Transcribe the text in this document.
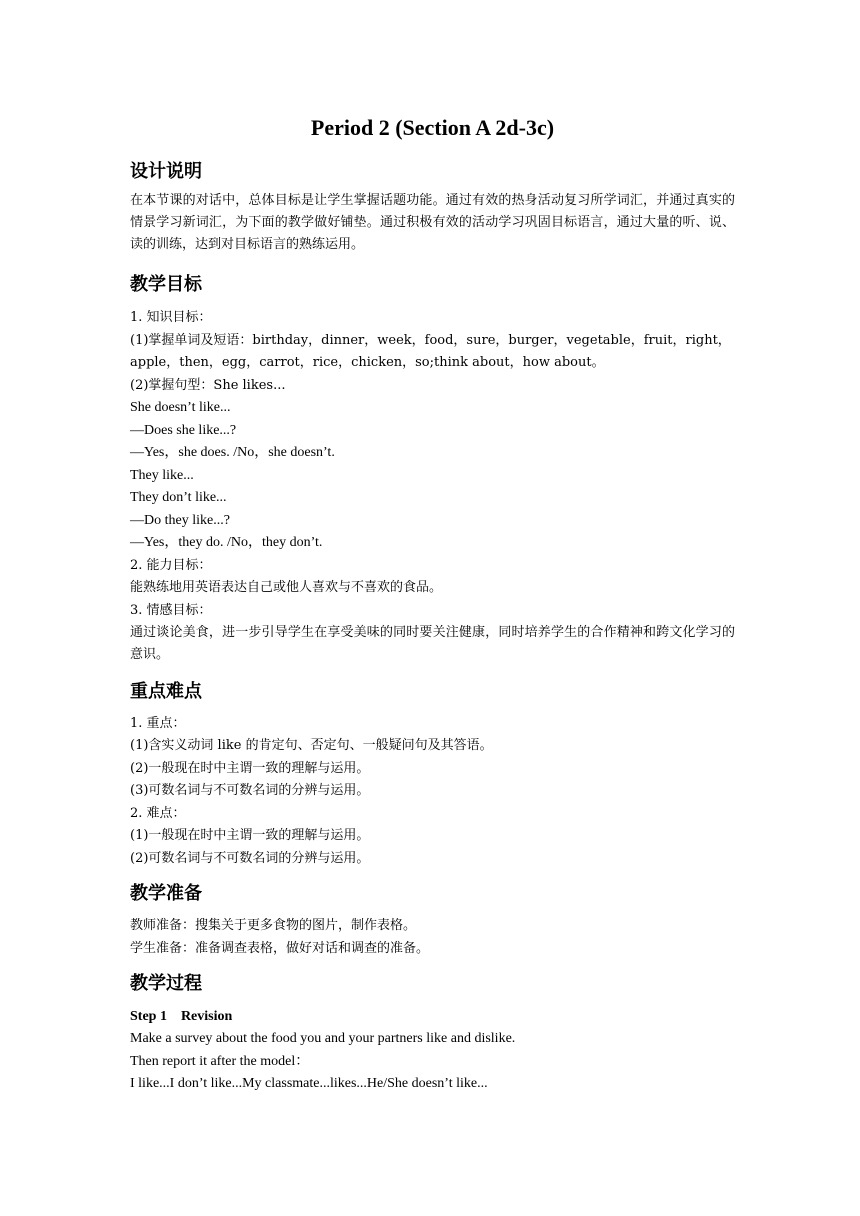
Period 2 (Section A 2d-3c)
设计说明

在本节课的对话中，总体目标是让学生掌握话题功能。通过有效的热身活动复习所学词汇，并通过真实的情景学习新词汇，为下面的教学做好铺垫。通过积极有效的活动学习巩固目标语言，通过大量的听、说、读的训练，达到对目标语言的熟练运用。

教学目标

1. 知识目标：

(1)掌握单词及短语：birthday，dinner，week，food，sure，burger，vegetable，fruit，right，

apple，then，egg，carrot，rice，chicken，so;think about，how about。

(2)掌握句型：She likes...

She doesn’t like...

—Does she like...?

—Yes，she does. /No，she doesn’t.

They like...

They don’t like...

—Do they like...?

—Yes，they do. /No，they don’t.

2. 能力目标：

能熟练地用英语表达自己或他人喜欢与不喜欢的食品。

3. 情感目标：

通过谈论美食，进一步引导学生在享受美味的同时要关注健康，同时培养学生的合作精神和跨文化学习的意识。

重点难点

1. 重点：

(1)含实义动词 like 的肯定句、否定句、一般疑问句及其答语。

(2)一般现在时中主谓一致的理解与运用。

(3)可数名词与不可数名词的分辨与运用。

2. 难点：

(1)一般现在时中主谓一致的理解与运用。

(2)可数名词与不可数名词的分辨与运用。

教学准备

教师准备：搜集关于更多食物的图片，制作表格。

学生准备：准备调查表格，做好对话和调查的准备。

教学过程

Step 1    Revision

Make a survey about the food you and your partners like and dislike.

Then report it after the model：

I like...I don’t like...My classmate...likes...He/She doesn’t like...
